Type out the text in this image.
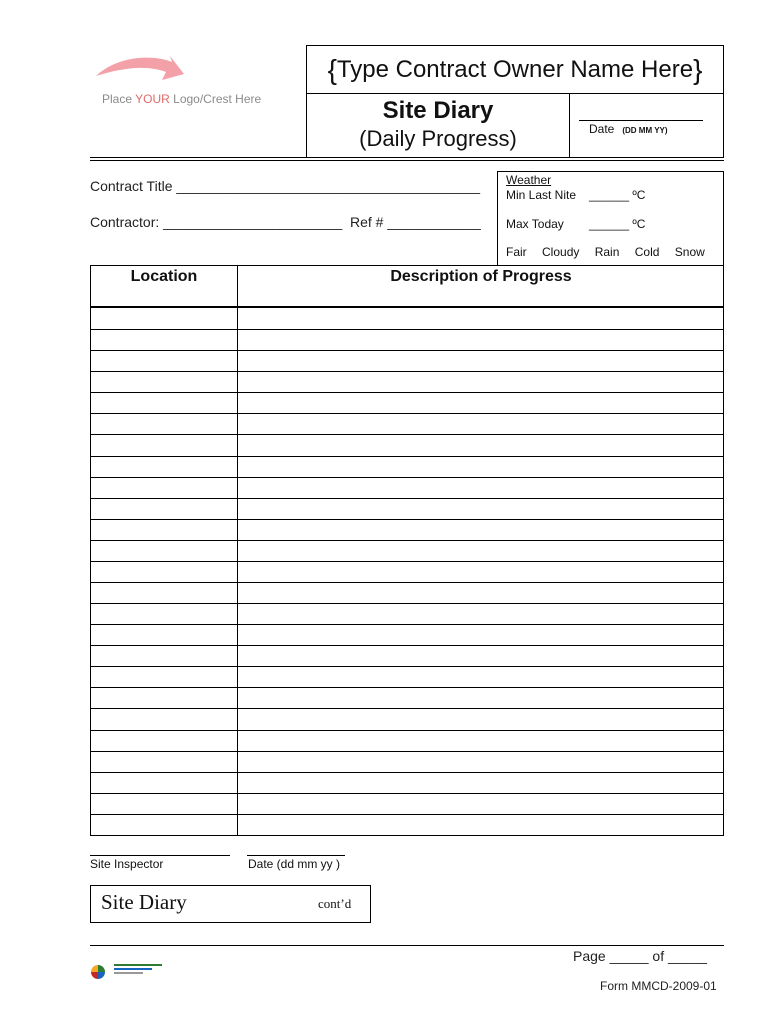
Place YOUR Logo/Crest Here
{ Type Contract Owner Name Here }
Site Diary
(Daily Progress)	Date (DD MM YY)
Contract Title _______________________________________
Contractor: _______________________ Ref # ____________
Weather
Min Last Nite ______ ºC
Max Today ______ ºC
Fair Cloudy Rain Cold Snow
Location	Description of Progress
Site Inspector	Date (dd mm yy )
Site Diary	cont’d
Page _____ of _____
Form MMCD-2009-01
